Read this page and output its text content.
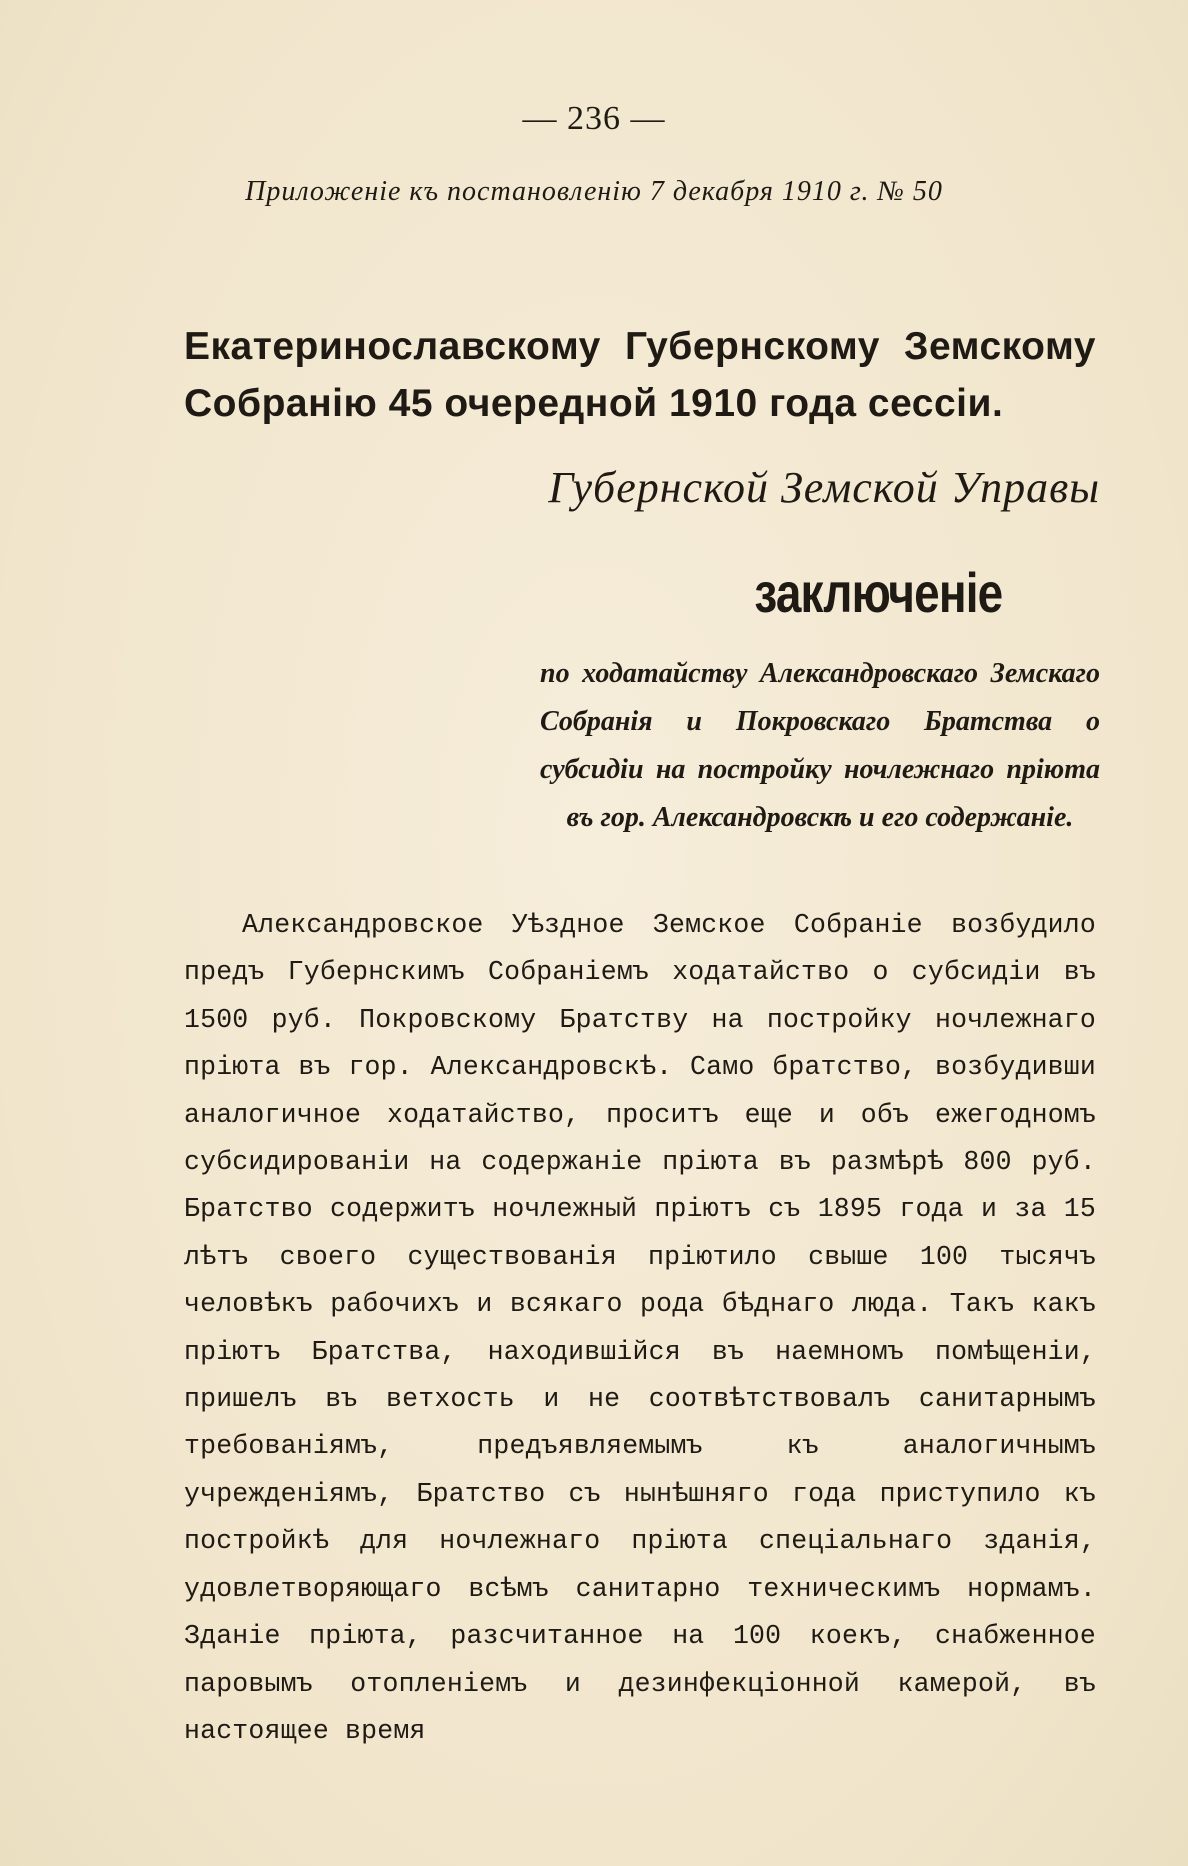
— 236 —
Приложеніе къ постановленію 7 декабря 1910 г. № 50
Екатеринославскому Губернскому Земскому Собранію 45 очередной 1910 года сессіи.
Губернской Земской Управы
заключеніе
по ходатайству Александровскаго Земскаго Собранія и Покровскаго Братства о субсидіи на постройку ночлежнаго пріюта въ гор. Александровскѣ и его содержаніе.
Александровское Уѣздное Земское Собраніе возбудило предъ Губернскимъ Собраніемъ ходатайство о субсидіи въ 1500 руб. Покровскому Братству на постройку ночлежнаго пріюта въ гор. Александровскѣ. Само братство, возбудивши аналогичное ходатайство, проситъ еще и объ ежегодномъ субсидированіи на содержаніе пріюта въ размѣрѣ 800 руб. Братство содержитъ ночлежный пріютъ съ 1895 года и за 15 лѣтъ своего существованія пріютило свыше 100 тысячъ человѣкъ рабочихъ и всякаго рода бѣднаго люда. Такъ какъ пріютъ Братства, находившійся въ наемномъ помѣщеніи, пришелъ въ ветхость и не соотвѣтствовалъ санитарнымъ требованіямъ, предъявляемымъ къ аналогичнымъ учрежденіямъ, Братство съ нынѣшняго года приступило къ постройкѣ для ночлежнаго пріюта спеціальнаго зданія, удовлетворяющаго всѣмъ санитарно техническимъ нормамъ. Зданіе пріюта, разсчитанное на 100 коекъ, снабженное паровымъ отопленіемъ и дезинфекціонной камерой, въ настоящее время
